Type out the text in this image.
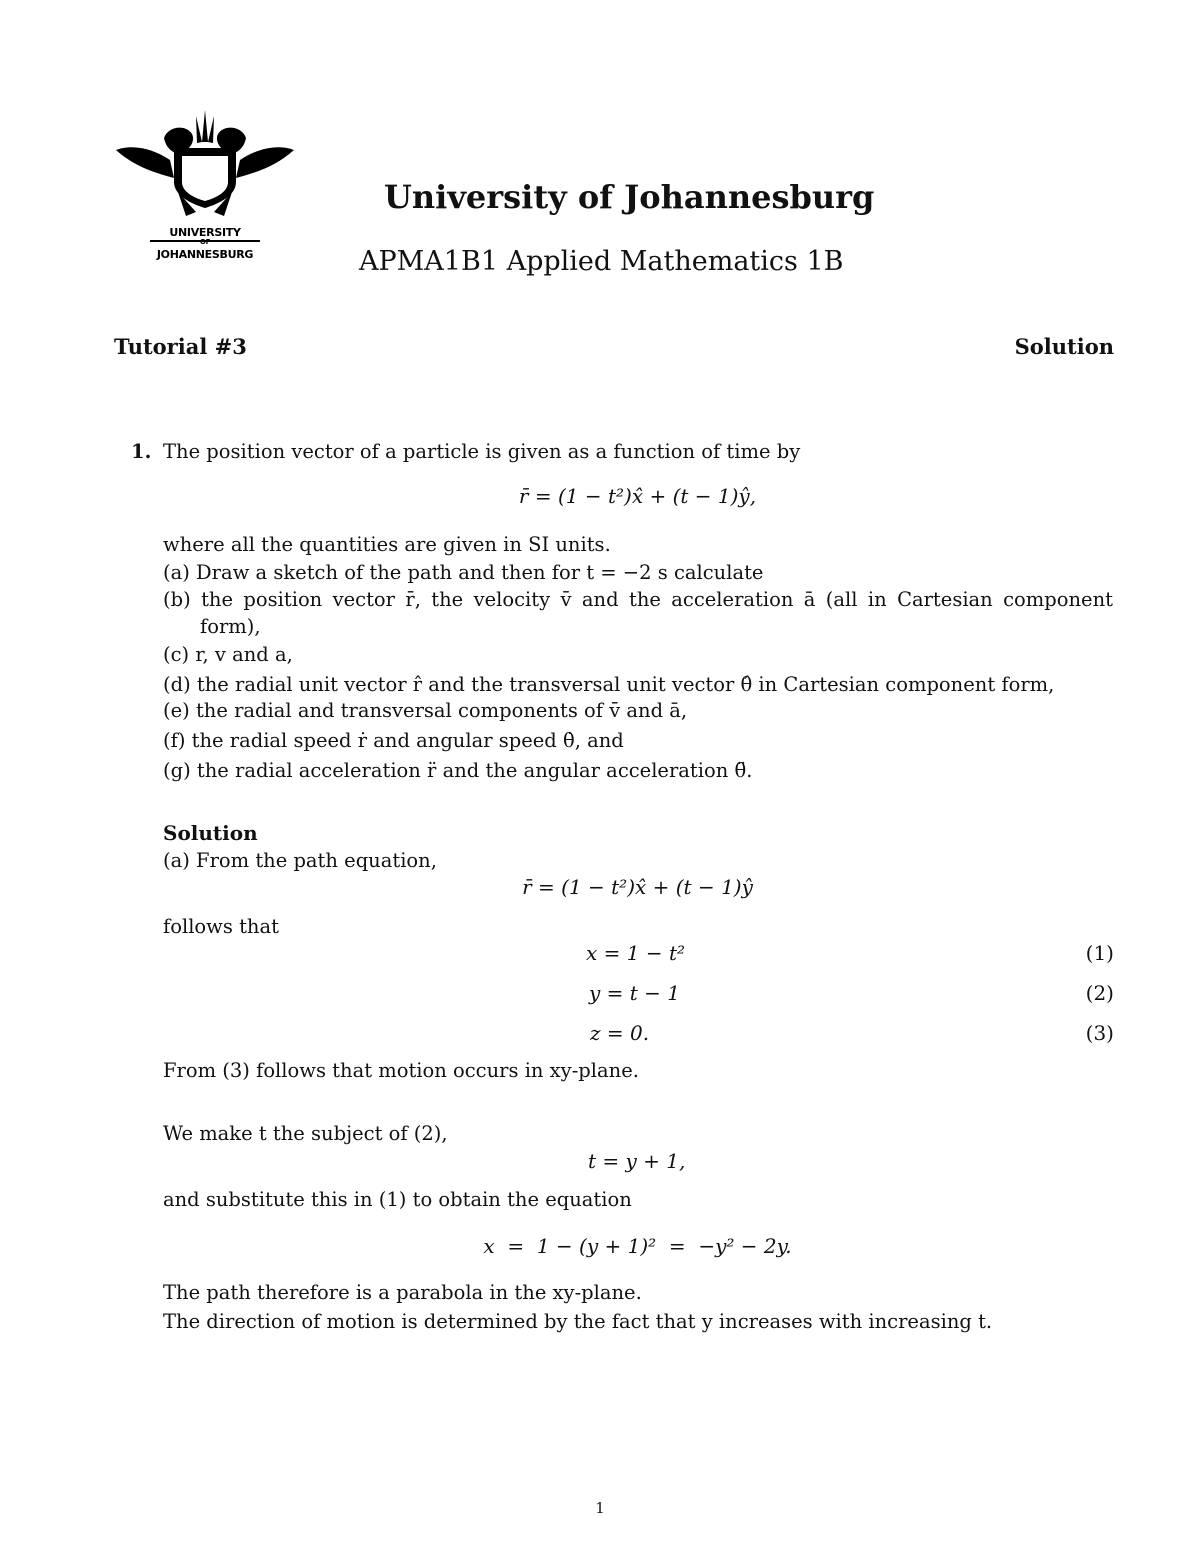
UNIVERSITY
OF
JOHANNESBURG
University of Johannesburg
APMA1B1 Applied Mathematics 1B
Tutorial #3	Solution
1. The position vector of a particle is given as a function of time by
r̄ = (1 − t²)x̂ + (t − 1)ŷ,
where all the quantities are given in SI units.
(a) Draw a sketch of the path and then for t = −2 s calculate
(b) the position vector r̄, the velocity v̄ and the acceleration ā (all in Cartesian component
form),
(c) r, v and a,
(d) the radial unit vector r̂ and the transversal unit vector θ̂ in Cartesian component form,
(e) the radial and transversal components of v̄ and ā,
(f) the radial speed ṙ and angular speed θ̇, and
(g) the radial acceleration r̈ and the angular acceleration θ̈.
Solution
(a) From the path equation,
r̄ = (1 − t²)x̂ + (t − 1)ŷ
follows that
x = 1 − t²	(1)
y = t − 1	(2)
z = 0.	(3)
From (3) follows that motion occurs in xy-plane.
We make t the subject of (2),
t = y + 1,
and substitute this in (1) to obtain the equation
x  =  1 − (y + 1)²  =  −y² − 2y.
The path therefore is a parabola in the xy-plane.
The direction of motion is determined by the fact that y increases with increasing t.
1
